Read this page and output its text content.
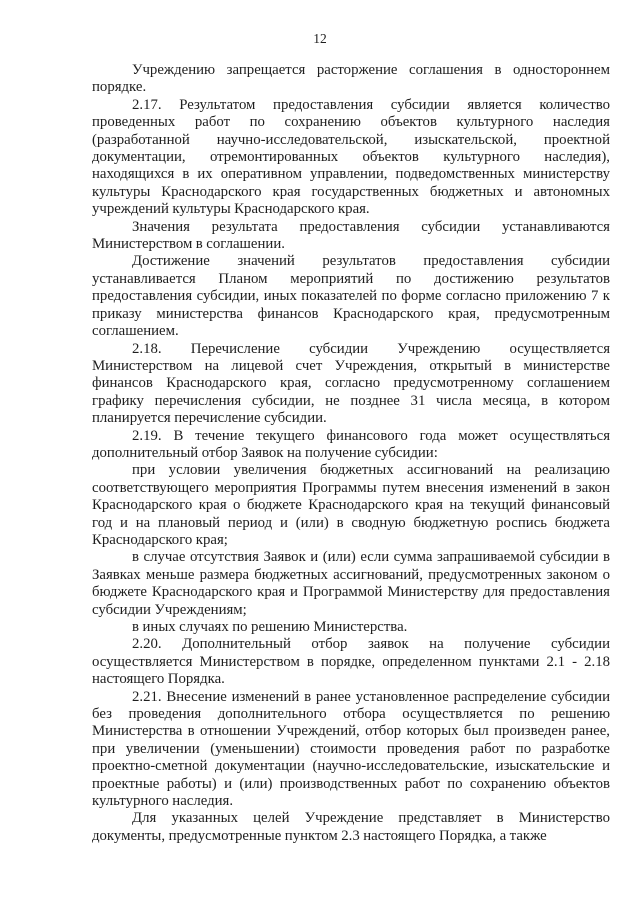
12

Учреждению запрещается расторжение соглашения в одностороннем порядке.

2.17. Результатом предоставления субсидии является количество проведенных работ по сохранению объектов культурного наследия (разработанной научно-исследовательской, изыскательской, проектной документации, отремонтированных объектов культурного наследия), находящихся в их оперативном управлении, подведомственных министерству культуры Краснодарского края государственных бюджетных и автономных учреждений культуры Краснодарского края.

Значения результата предоставления субсидии устанавливаются Министерством в соглашении.

Достижение значений результатов предоставления субсидии устанавливается Планом мероприятий по достижению результатов предоставления субсидии, иных показателей по форме согласно приложению 7 к приказу министерства финансов Краснодарского края, предусмотренным соглашением.

2.18. Перечисление субсидии Учреждению осуществляется Министерством на лицевой счет Учреждения, открытый в министерстве финансов Краснодарского края, согласно предусмотренному соглашением графику перечисления субсидии, не позднее 31 числа месяца, в котором планируется перечисление субсидии.

2.19. В течение текущего финансового года может осуществляться дополнительный отбор Заявок на получение субсидии:

при условии увеличения бюджетных ассигнований на реализацию соответствующего мероприятия Программы путем внесения изменений в закон Краснодарского края о бюджете Краснодарского края на текущий финансовый год и на плановый период и (или) в сводную бюджетную роспись бюджета Краснодарского края;

в случае отсутствия Заявок и (или) если сумма запрашиваемой субсидии в Заявках меньше размера бюджетных ассигнований, предусмотренных законом о бюджете Краснодарского края и Программой Министерству для предоставления субсидии Учреждениям;

в иных случаях по решению Министерства.

2.20. Дополнительный отбор заявок на получение субсидии осуществляется Министерством в порядке, определенном пунктами 2.1 - 2.18 настоящего Порядка.

2.21. Внесение изменений в ранее установленное распределение субсидии без проведения дополнительного отбора осуществляется по решению Министерства в отношении Учреждений, отбор которых был произведен ранее, при увеличении (уменьшении) стоимости проведения работ по разработке проектно-сметной документации (научно-исследовательские, изыскательские и проектные работы) и (или) производственных работ по сохранению объектов культурного наследия.

Для указанных целей Учреждение представляет в Министерство документы, предусмотренные пунктом 2.3 настоящего Порядка, а также
